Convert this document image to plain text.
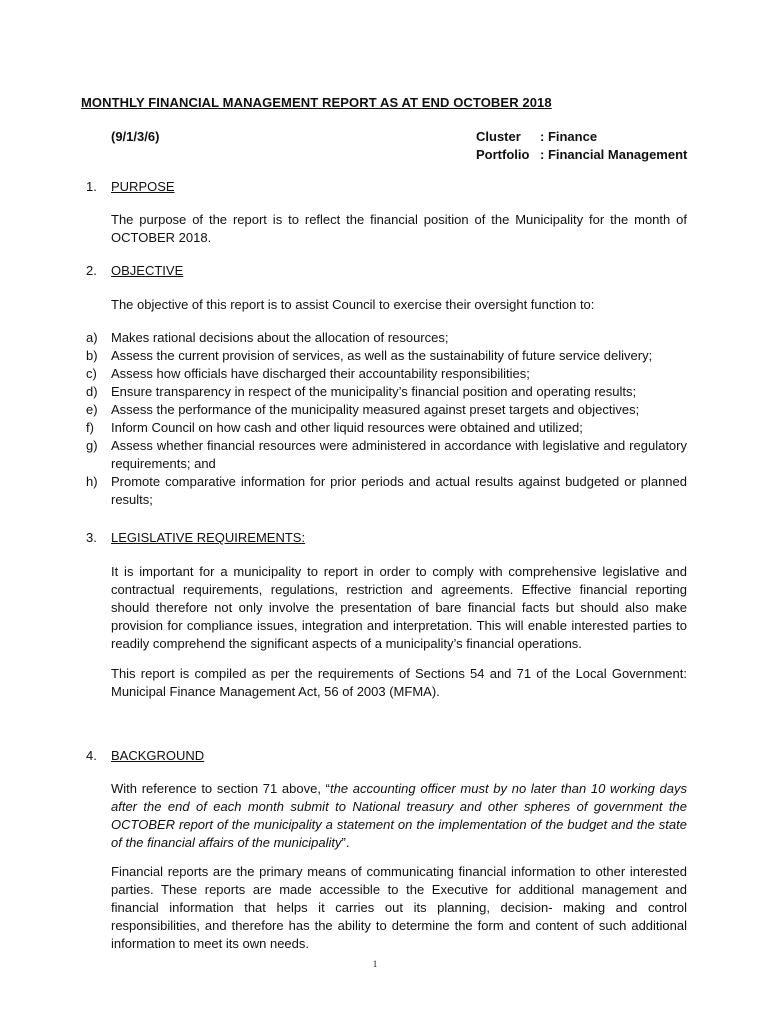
MONTHLY FINANCIAL MANAGEMENT REPORT AS AT END OCTOBER 2018
(9/1/3/6)	Cluster	: Finance
Portfolio : Financial Management
1.	PURPOSE
The purpose of the report is to reflect the financial position of the Municipality for the month of OCTOBER 2018.
2.	OBJECTIVE
The objective of this report is to assist Council to exercise their oversight function to:
a)	Makes rational decisions about the allocation of resources;
b)	Assess the current provision of services, as well as the sustainability of future service delivery;
c)	Assess how officials have discharged their accountability responsibilities;
d)	Ensure transparency in respect of the municipality’s financial position and operating results;
e)	Assess the performance of the municipality measured against preset targets and objectives;
f)	Inform Council on how cash and other liquid resources were obtained and utilized;
g)	Assess whether financial resources were administered in accordance with legislative and regulatory requirements; and
h)	Promote comparative information for prior periods and actual results against budgeted or planned results;
3.	LEGISLATIVE REQUIREMENTS:
It is important for a municipality to report in order to comply with comprehensive legislative and contractual requirements, regulations, restriction and agreements. Effective financial reporting should therefore not only involve the presentation of bare financial facts but should also make provision for compliance issues, integration and interpretation. This will enable interested parties to readily comprehend the significant aspects of a municipality’s financial operations.
This report is compiled as per the requirements of Sections 54 and 71 of the Local Government: Municipal Finance Management Act, 56 of 2003 (MFMA).
4.	BACKGROUND
With reference to section 71 above, “the accounting officer must by no later than 10 working days after the end of each month submit to National treasury and other spheres of government the OCTOBER report of the municipality a statement on the implementation of the budget and the state of the financial affairs of the municipality”.
Financial reports are the primary means of communicating financial information to other interested parties. These reports are made accessible to the Executive for additional management and financial information that helps it carries out its planning, decision- making and control responsibilities, and therefore has the ability to determine the form and content of such additional information to meet its own needs.
1
